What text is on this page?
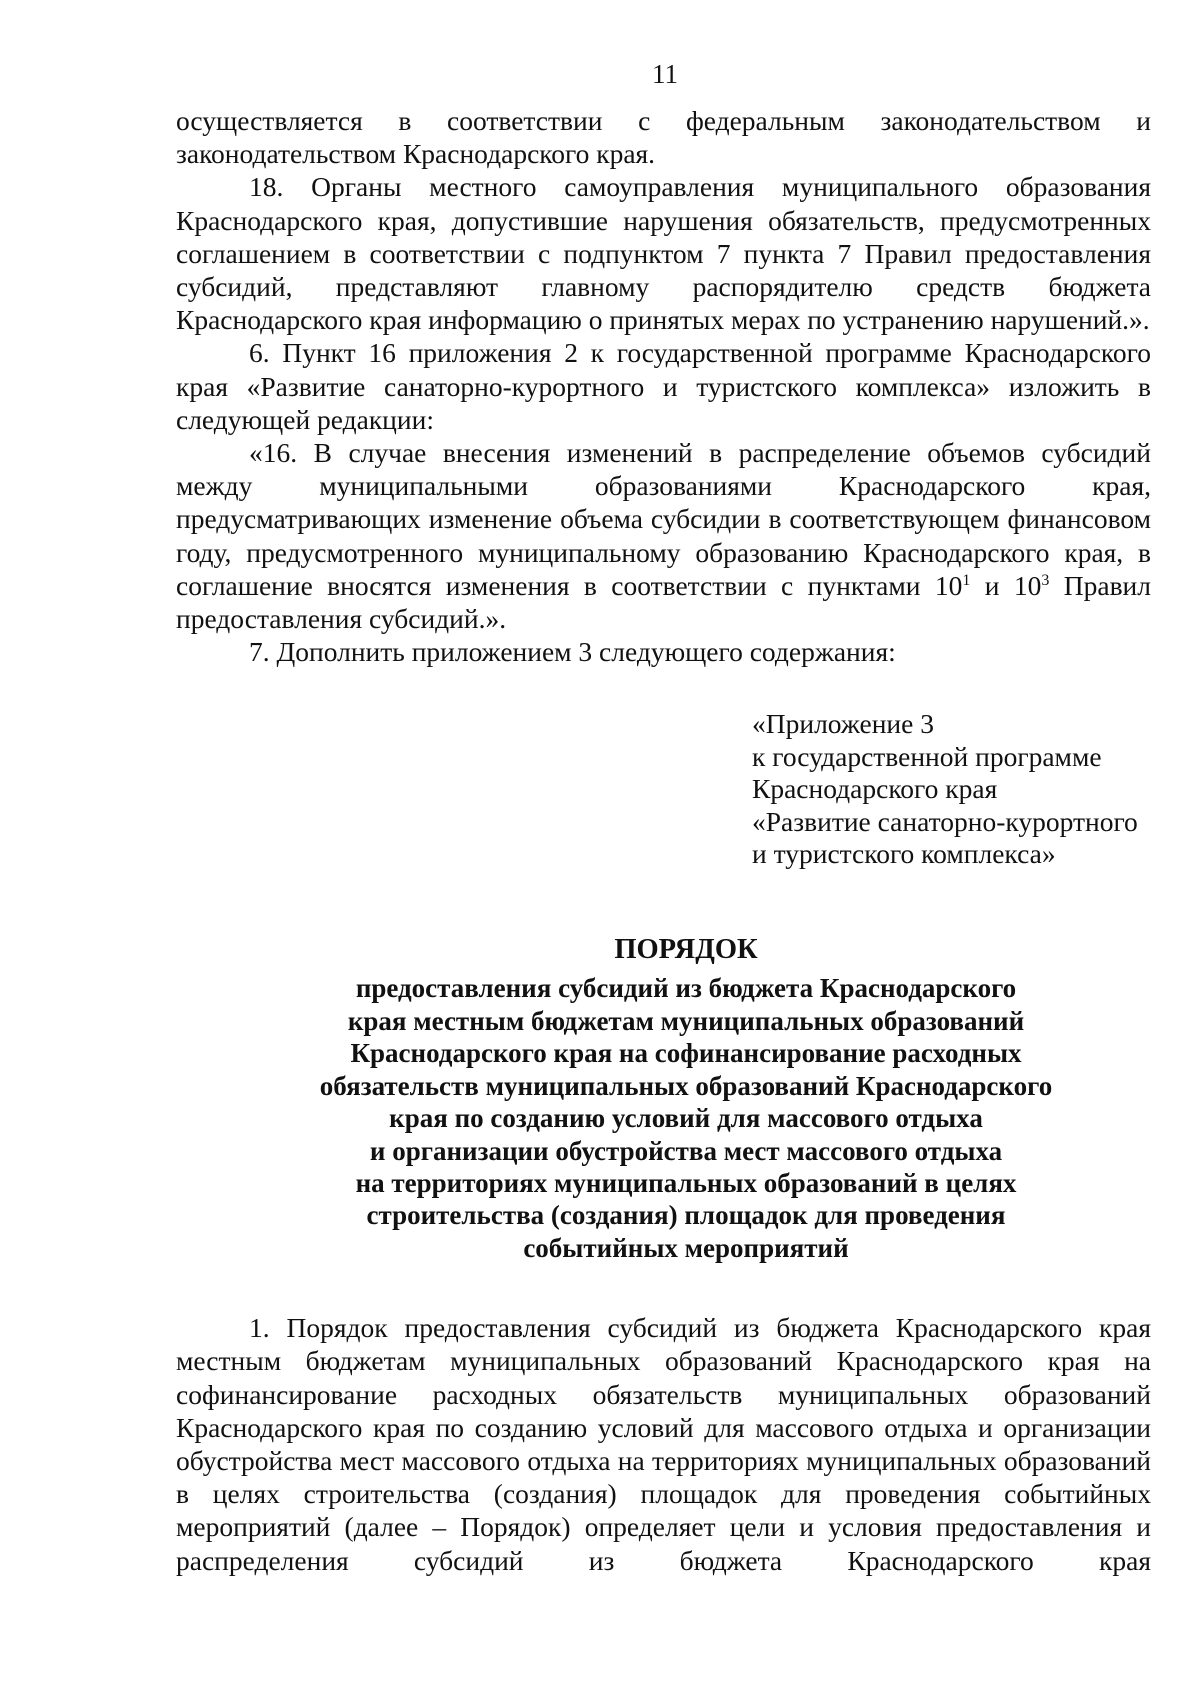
11

осуществляется в соответствии с федеральным законодательством и законодательством Краснодарского края.

18. Органы местного самоуправления муниципального образования Краснодарского края, допустившие нарушения обязательств, предусмотренных соглашением в соответствии с подпунктом 7 пункта 7 Правил предоставления субсидий, представляют главному распорядителю средств бюджета Краснодарского края информацию о принятых мерах по устранению нарушений.».

6. Пункт 16 приложения 2 к государственной программе Краснодарского края «Развитие санаторно-курортного и туристского комплекса» изложить в следующей редакции:

«16. В случае внесения изменений в распределение объемов субсидий между муниципальными образованиями Краснодарского края, предусматривающих изменение объема субсидии в соответствующем финансовом году, предусмотренного муниципальному образованию Краснодарского края, в соглашение вносятся изменения в соответствии с пунктами $10^1$ и $10^3$ Правил предоставления субсидий.».

7. Дополнить приложением 3 следующего содержания:

«Приложение 3
к государственной программе
Краснодарского края
«Развитие санаторно-курортного
и туристского комплекса»
ПОРЯДОК
предоставления субсидий из бюджета Краснодарского
края местным бюджетам муниципальных образований
Краснодарского края на софинансирование расходных
обязательств муниципальных образований Краснодарского
края по созданию условий для массового отдыха
и организации обустройства мест массового отдыха
на территориях муниципальных образований в целях
строительства (создания) площадок для проведения
событийных мероприятий

1. Порядок предоставления субсидий из бюджета Краснодарского края местным бюджетам муниципальных образований Краснодарского края на софинансирование расходных обязательств муниципальных образований Краснодарского края по созданию условий для массового отдыха и организации обустройства мест массового отдыха на территориях муниципальных образований в целях строительства (создания) площадок для проведения событийных мероприятий (далее – Порядок) определяет цели и условия предоставления и распределения субсидий из бюджета Краснодарского края
